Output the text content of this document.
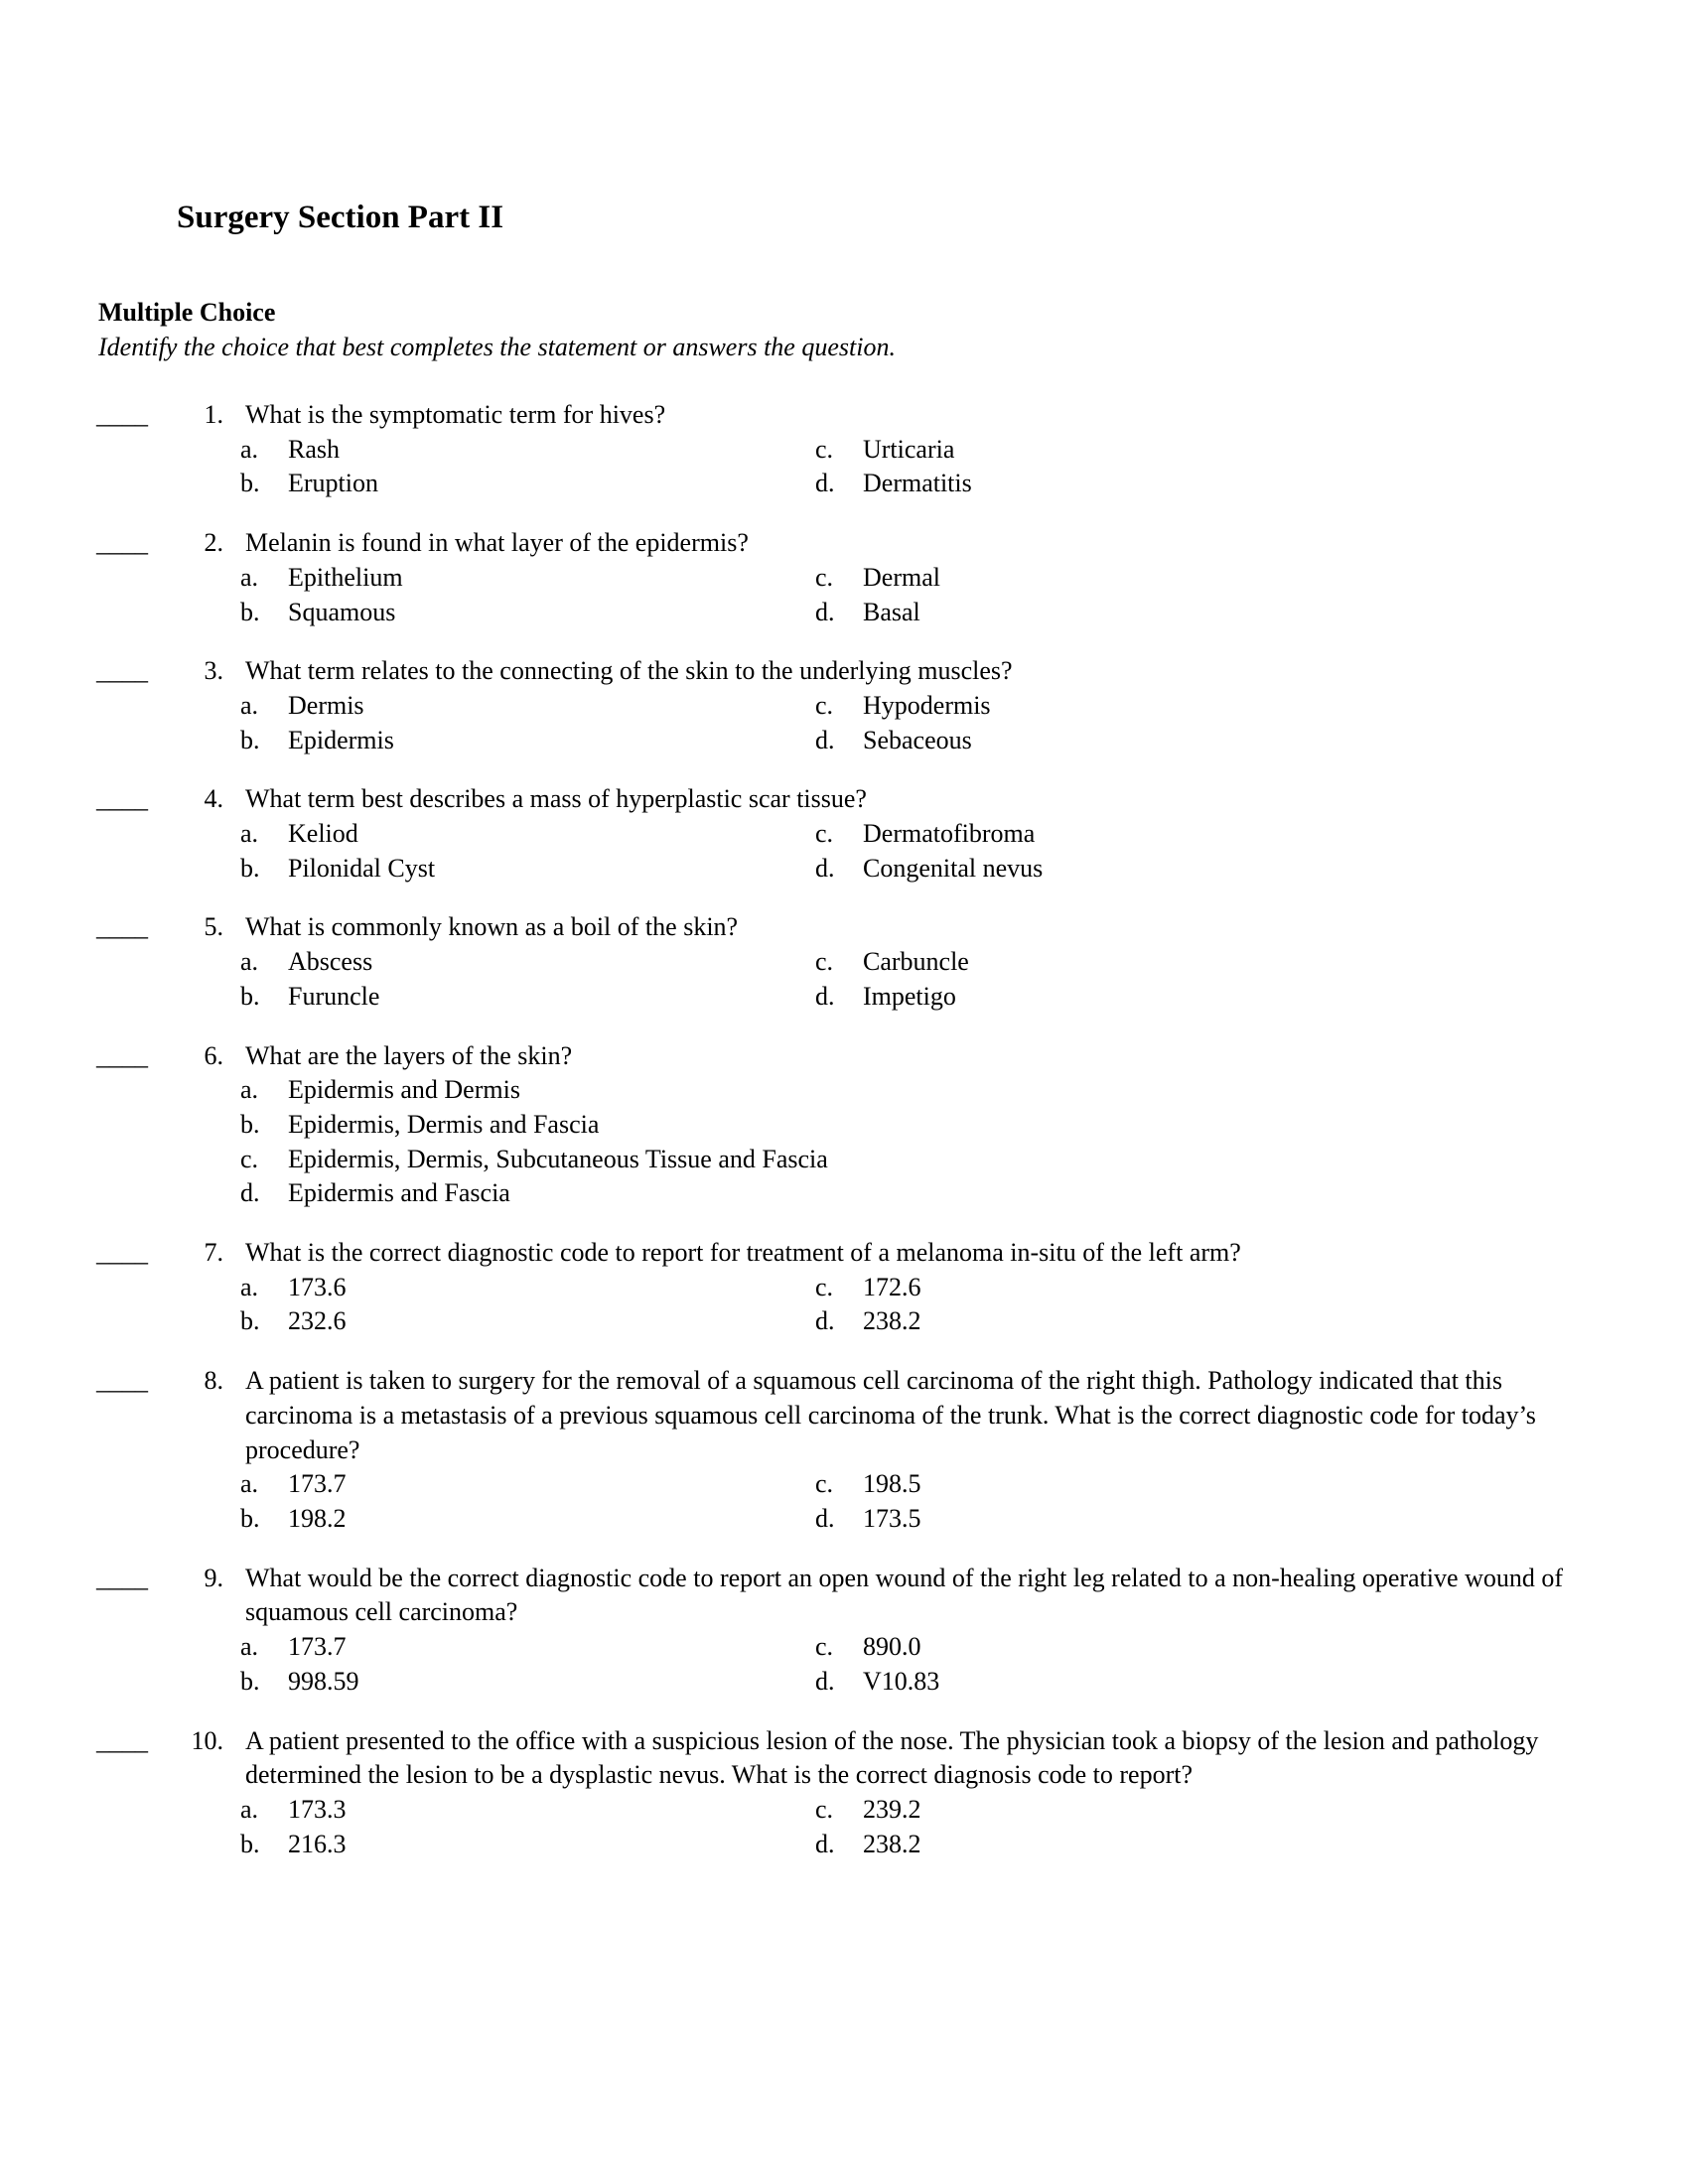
Surgery Section Part II
Multiple Choice
Identify the choice that best completes the statement or answers the question.
____	1. What is the symptomatic term for hives?
a.	Rash
b.	Eruption
c.	Urticaria
d.	Dermatitis
____	2. Melanin is found in what layer of the epidermis?
a.	Epithelium
b.	Squamous
c.	Dermal
d.	Basal
____	3. What term relates to the connecting of the skin to the underlying muscles?
a.	Dermis
b.	Epidermis
c.	Hypodermis
d.	Sebaceous
____	4. What term best describes a mass of hyperplastic scar tissue?
a.	Keliod
b.	Pilonidal Cyst
c.	Dermatofibroma
d.	Congenital nevus
____	5. What is commonly known as a boil of the skin?
a.	Abscess
b.	Furuncle
c.	Carbuncle
d.	Impetigo
____	6. What are the layers of the skin?
a.	Epidermis and Dermis
b.	Epidermis, Dermis and Fascia
c.	Epidermis, Dermis, Subcutaneous Tissue and Fascia
d.	Epidermis and Fascia
____	7. What is the correct diagnostic code to report for treatment of a melanoma in-situ of the left arm?
a.	173.6
b.	232.6
c.	172.6
d.	238.2
____	8. A patient is taken to surgery for the removal of a squamous cell carcinoma of the right thigh. Pathology indicated that this carcinoma is a metastasis of a previous squamous cell carcinoma of the trunk. What is the correct diagnostic code for today’s procedure?
a.	173.7
b.	198.2
c.	198.5
d.	173.5
____	9. What would be the correct diagnostic code to report an open wound of the right leg related to a non-healing operative wound of squamous cell carcinoma?
a.	173.7
b.	998.59
c.	890.0
d.	V10.83
____	10. A patient presented to the office with a suspicious lesion of the nose. The physician took a biopsy of the lesion and pathology determined the lesion to be a dysplastic nevus. What is the correct diagnosis code to report?
a.	173.3
b.	216.3
c.	239.2
d.	238.2
